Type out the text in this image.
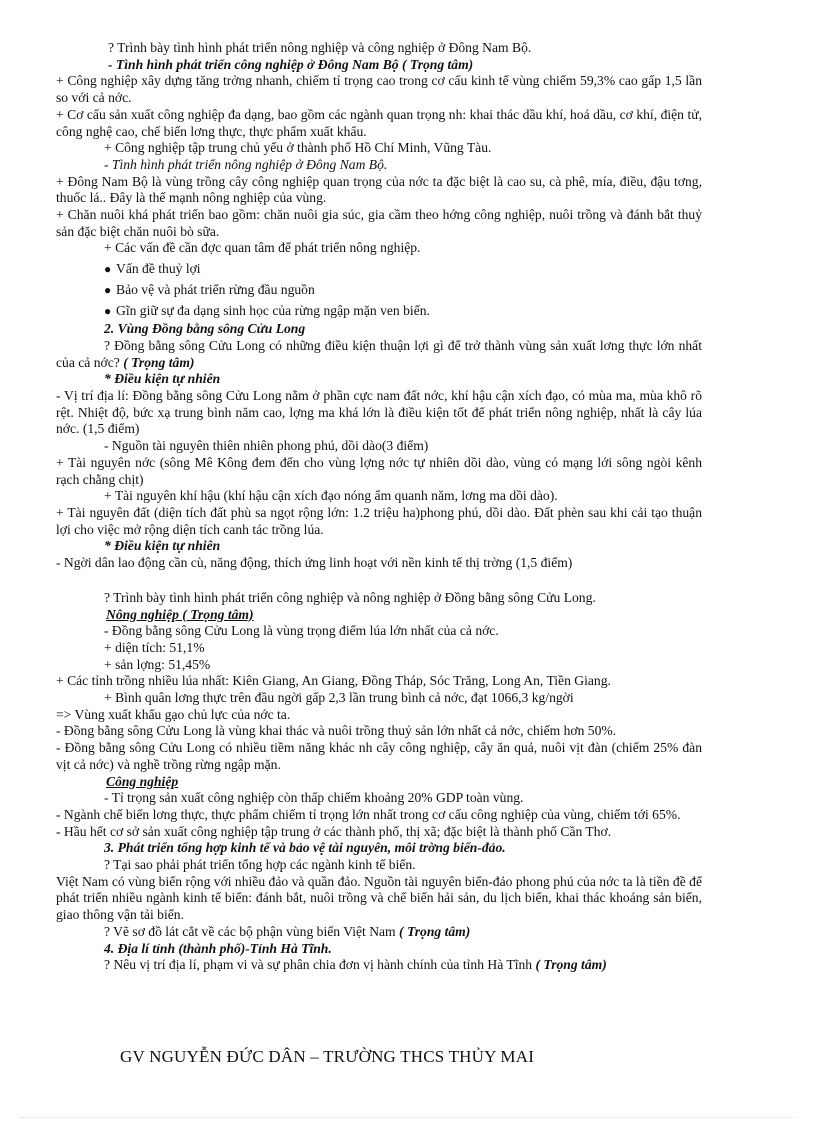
? Trình bày tình hình phát triển nông nghiệp và công nghiệp ở Đông Nam Bộ.
- Tình hình phát triển công nghiệp ở Đông Nam Bộ ( Trọng tâm)
+ Công nghiệp xây dựng tăng trởng nhanh, chiếm tỉ trọng cao trong cơ cấu kinh tế vùng chiếm 59,3% cao gấp 1,5 lần so với cả nớc.
+ Cơ cấu sản xuất công nghiệp đa dạng, bao gồm các ngành quan trọng nh: khai thác dầu khí, hoá dầu, cơ khí, điện tử, công nghệ cao, chế biến lơng thực, thực phẩm xuất khẩu.
+ Công nghiệp tập trung chủ yếu ở thành phố Hồ Chí Minh, Vũng Tàu.
- Tình hình phát triển nông nghiệp ở Đông Nam Bộ.
+ Đông Nam Bộ là vùng trồng cây công nghiệp quan trọng của nớc ta đặc biệt là cao su, cà phê, mía, điều, đậu tơng, thuốc lá.. Đây là thế mạnh nông nghiệp của vùng.
+ Chăn nuôi khá phát triển bao gồm: chăn nuôi gia súc, gia cầm theo hớng công nghiệp, nuôi trồng và đánh bắt thuỷ sản đặc biệt chăn nuôi bò sữa.
+ Các vấn đề cần đợc quan tâm để phát triển nông nghiệp.
● Vấn đề thuỷ lợi
● Bảo vệ và phát triển rừng đầu nguồn
● Gĩn giữ sự đa dạng sinh học của rừng ngập mặn ven biển.
2. Vùng Đồng bằng sông Cửu Long
? Đồng bằng sông Cửu Long có những điều kiện thuận lợi gì để trở thành vùng sản xuất lơng thực lớn nhất của cả nớc? ( Trọng tâm)
* Điều kiện tự nhiên
- Vị trí địa lí: Đồng bằng sông Cửu Long nằm ở phần cực nam đất nớc, khí hậu cận xích đạo, có mùa ma, mùa khô rõ rệt. Nhiệt độ, bức xạ trung bình năm cao, lợng ma khá lớn là điều kiện tốt để phát triển nông nghiệp, nhất là cây lúa nớc. (1,5 điểm)
- Nguồn tài nguyên thiên nhiên phong phú, dồi dào(3 điểm)
+ Tài nguyên nớc (sông Mê Kông đem đến cho vùng lợng nớc tự nhiên dồi dào, vùng có mạng lới sông ngòi kênh rạch chằng chịt)
+ Tài nguyên khí hậu (khí hậu cận xích đạo nóng ẩm quanh năm, lơng ma dồi dào).
+ Tài nguyên đất (diện tích đất phù sa ngọt rộng lớn: 1.2 triệu ha)phong phú, dồi dào. Đất phèn sau khi cải tạo thuận lợi cho việc mở rộng diện tích canh tác trồng lúa.
* Điều kiện tự nhiên
- Ngời dân lao động cần cù, năng động, thích ứng linh hoạt với nền kinh tế thị trờng (1,5 điểm)
? Trình bày tình hình phát triển công nghiệp và nông nghiệp ở Đồng bằng sông Cửu Long.
Nông nghiệp ( Trọng tâm)
- Đồng bằng sông Cửu Long là vùng trọng điểm lúa lớn nhất của cả nớc.
+ diện tích: 51,1%
+ sản lợng: 51,45%
+ Các tỉnh trồng nhiều lúa nhất: Kiên Giang, An Giang, Đồng Tháp, Sóc Trăng, Long An, Tiền Giang.
+ Bình quân lơng thực trên đầu ngời gấp 2,3 lần trung bình cả nớc, đạt 1066,3 kg/ngời
=> Vùng xuất khẩu gạo chủ lực của nớc ta.
- Đồng bằng sông Cửu Long là vùng khai thác và nuôi trồng thuỷ sản lớn nhất cả nớc, chiếm hơn 50%.
- Đồng bằng sông Cửu Long có nhiều tiềm năng khác nh cây công nghiệp, cây ăn quả, nuôi vịt đàn (chiếm 25% đàn vịt cả nớc) và nghề trồng rừng ngập mặn.
Công nghiệp
- Tỉ trọng sản xuất công nghiệp còn thấp chiếm khoảng 20% GDP toàn vùng.
- Ngành chế biến lơng thực, thực phẩm chiếm tỉ trọng lớn nhất trong cơ cấu công nghiệp của vùng, chiếm tới 65%.
- Hầu hết cơ sở sản xuất công nghiệp tập trung ở các thành phố, thị xã; đặc biệt là thành phố Cần Thơ.
3. Phát triển tổng hợp kinh tế và bảo vệ tài nguyên, môi trờng biển-đảo.
? Tại sao phải phát triển tổng hợp các ngành kinh tế biển.
Việt Nam có vùng biển rộng với nhiều đảo và quần đảo. Nguồn tài nguyên biển-đảo phong phú của nớc ta là tiền đề để phát triển nhiều ngành kinh tế biển: đánh bắt, nuôi trồng và chế biến hải sản, du lịch biển, khai thác khoáng sản biển, giao thông vận tải biển.
? Vẽ sơ đồ lát cắt về các bộ phận vùng biển Việt Nam ( Trọng tâm)
4. Địa lí tỉnh (thành phố)-Tỉnh Hà Tĩnh.
? Nêu vị trí địa lí, phạm vi và sự phân chia đơn vị hành chính của tỉnh Hà Tĩnh ( Trọng tâm)
GV NGUYỄN ĐỨC DÂN – TRƯỜNG THCS THỦY MAI
